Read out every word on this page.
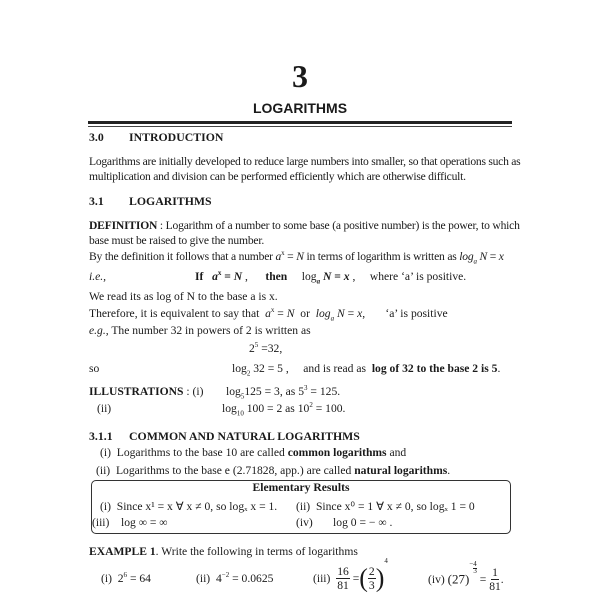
3
LOGARITHMS
3.0 INTRODUCTION
Logarithms are initially developed to reduce large numbers into smaller, so that operations such as
multiplication and division can be performed efficiently which are otherwise difficult.
3.1 LOGARITHMS
DEFINITION : Logarithm of a number to some base (a positive number) is the power, to which
base must be raised to give the number.
By the definition it follows that a number $a^x = N$ in terms of logarithm is written as $\log_a N = x$
i.e.,	If $a^x = N$ ,      then     $\log_a N = x$ ,     where ‘a’ is positive.
We read its as log of N to the base a is x.
Therefore, it is equivalent to say that $a^x = N$ or $\log_a N = x$,       ‘a’ is positive
e.g., The number 32 in powers of 2 is written as
$2^5 =32$,
so	$\log_2 32 = 5$ , and is read as log of 32 to the base 2 is 5.
ILLUSTRATIONS : (i) $\log_5125 = 3$, as $5^3 = 125$.
(ii)	$\log_{10} 100 = 2$ as $10^2 = 100$.
3.1.1 COMMON AND NATURAL LOGARITHMS
(i) Logarithms to the base 10 are called common logarithms and
(ii) Logarithms to the base e (2.71828, app.) are called natural logarithms.
Elementary Results
(i) Since x¹ = x ∀ x ≠ 0, so logₓ x = 1. (ii) Since x⁰ = 1 ∀ x ≠ 0, so logₓ 1 = 0
(iii) log ∞ = ∞	(iv) log 0 = − ∞ .
EXAMPLE 1. Write the following in terms of logarithms
(i) $2^6 = 64$	(ii) $4^{-2} = 0.0625$	$(iii) \frac{16}{81}$ =( $\frac{2}{3} )^4$
(iv) (27)
−4
3
= $\frac{1}{81}$ .
